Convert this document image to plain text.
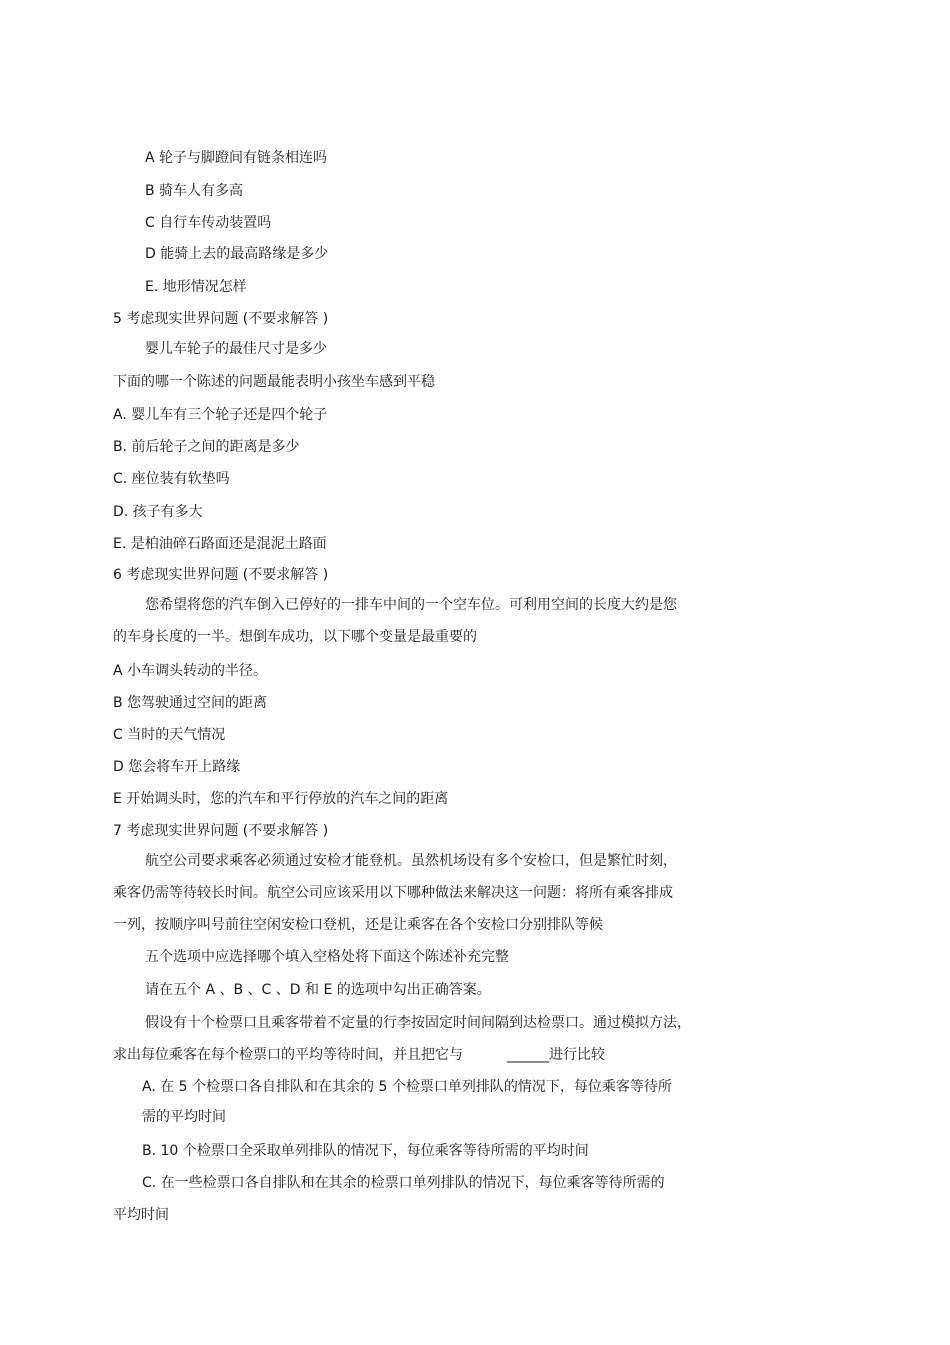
A 轮子与脚蹬间有链条相连吗
B 骑车人有多高
C 自行车传动装置吗
D 能骑上去的最高路缘是多少
E. 地形情况怎样
5 考虑现实世界问题 (不要求解答 )
婴儿车轮子的最佳尺寸是多少
下面的哪一个陈述的问题最能表明小孩坐车感到平稳
A. 婴儿车有三个轮子还是四个轮子
B. 前后轮子之间的距离是多少
C. 座位装有软垫吗
D. 孩子有多大
E. 是柏油碎石路面还是混泥土路面
6 考虑现实世界问题 (不要求解答 )
您希望将您的汽车倒入已停好的一排车中间的一个空车位。可利用空间的长度大约是您
的车身长度的一半。想倒车成功，以下哪个变量是最重要的
A 小车调头转动的半径。
B 您驾驶通过空间的距离
C 当时的天气情况
D 您会将车开上路缘
E 开始调头时，您的汽车和平行停放的汽车之间的距离
7 考虑现实世界问题 (不要求解答 )
航空公司要求乘客必须通过安检才能登机。虽然机场设有多个安检口，但是繁忙时刻，
乘客仍需等待较长时间。航空公司应该采用以下哪种做法来解决这一问题：将所有乘客排成
一列，按顺序叫号前往空闲安检口登机，还是让乘客在各个安检口分别排队等候
五个选项中应选择哪个填入空格处将下面这个陈述补充完整
请在五个 A 、B 、C 、D 和 E 的选项中勾出正确答案。
假设有十个检票口且乘客带着不定量的行李按固定时间间隔到达检票口。通过模拟方法，
求出每位乘客在每个检票口的平均等待时间，并且把它与	______进行比较
A. 在 5 个检票口各自排队和在其余的 5 个检票口单列排队的情况下，每位乘客等待所
需的平均时间
B. 10 个检票口全采取单列排队的情况下，每位乘客等待所需的平均时间
C. 在一些检票口各自排队和在其余的检票口单列排队的情况下，每位乘客等待所需的
平均时间
